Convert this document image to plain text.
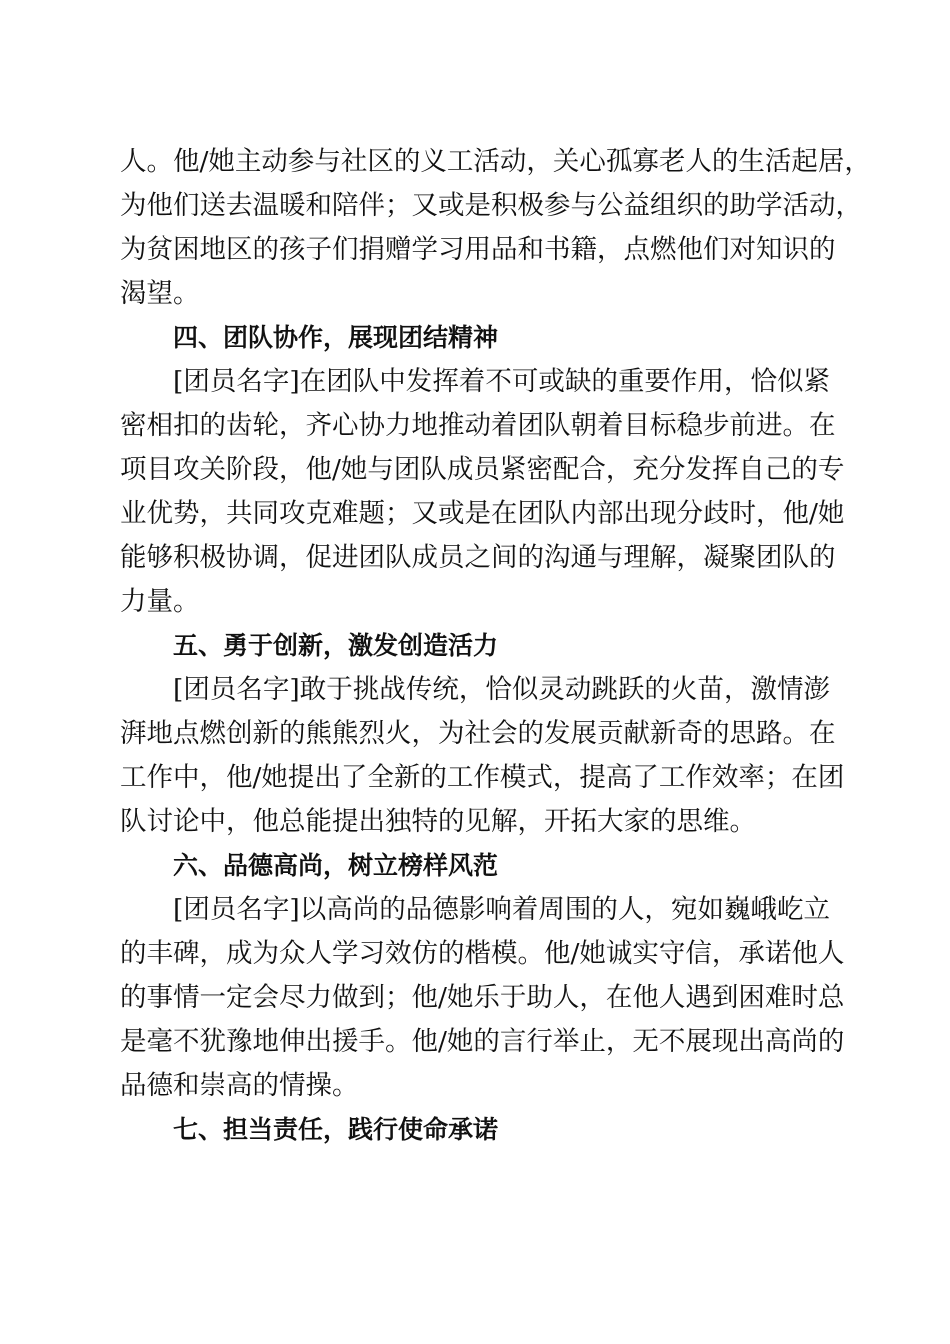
人。他/她主动参与社区的义工活动，关心孤寡老人的生活起居，
为他们送去温暖和陪伴；又或是积极参与公益组织的助学活动，
为贫困地区的孩子们捐赠学习用品和书籍，点燃他们对知识的
渴望。
四、团队协作，展现团结精神
[团员名字]在团队中发挥着不可或缺的重要作用，恰似紧
密相扣的齿轮，齐心协力地推动着团队朝着目标稳步前进。在
项目攻关阶段，他/她与团队成员紧密配合，充分发挥自己的专
业优势，共同攻克难题；又或是在团队内部出现分歧时，他/她
能够积极协调，促进团队成员之间的沟通与理解，凝聚团队的
力量。
五、勇于创新，激发创造活力
[团员名字]敢于挑战传统，恰似灵动跳跃的火苗，激情澎
湃地点燃创新的熊熊烈火，为社会的发展贡献新奇的思路。在
工作中，他/她提出了全新的工作模式，提高了工作效率；在团
队讨论中，他总能提出独特的见解，开拓大家的思维。
六、品德高尚，树立榜样风范
[团员名字]以高尚的品德影响着周围的人，宛如巍峨屹立
的丰碑，成为众人学习效仿的楷模。他/她诚实守信，承诺他人
的事情一定会尽力做到；他/她乐于助人，在他人遇到困难时总
是毫不犹豫地伸出援手。他/她的言行举止，无不展现出高尚的
品德和崇高的情操。
七、担当责任，践行使命承诺
